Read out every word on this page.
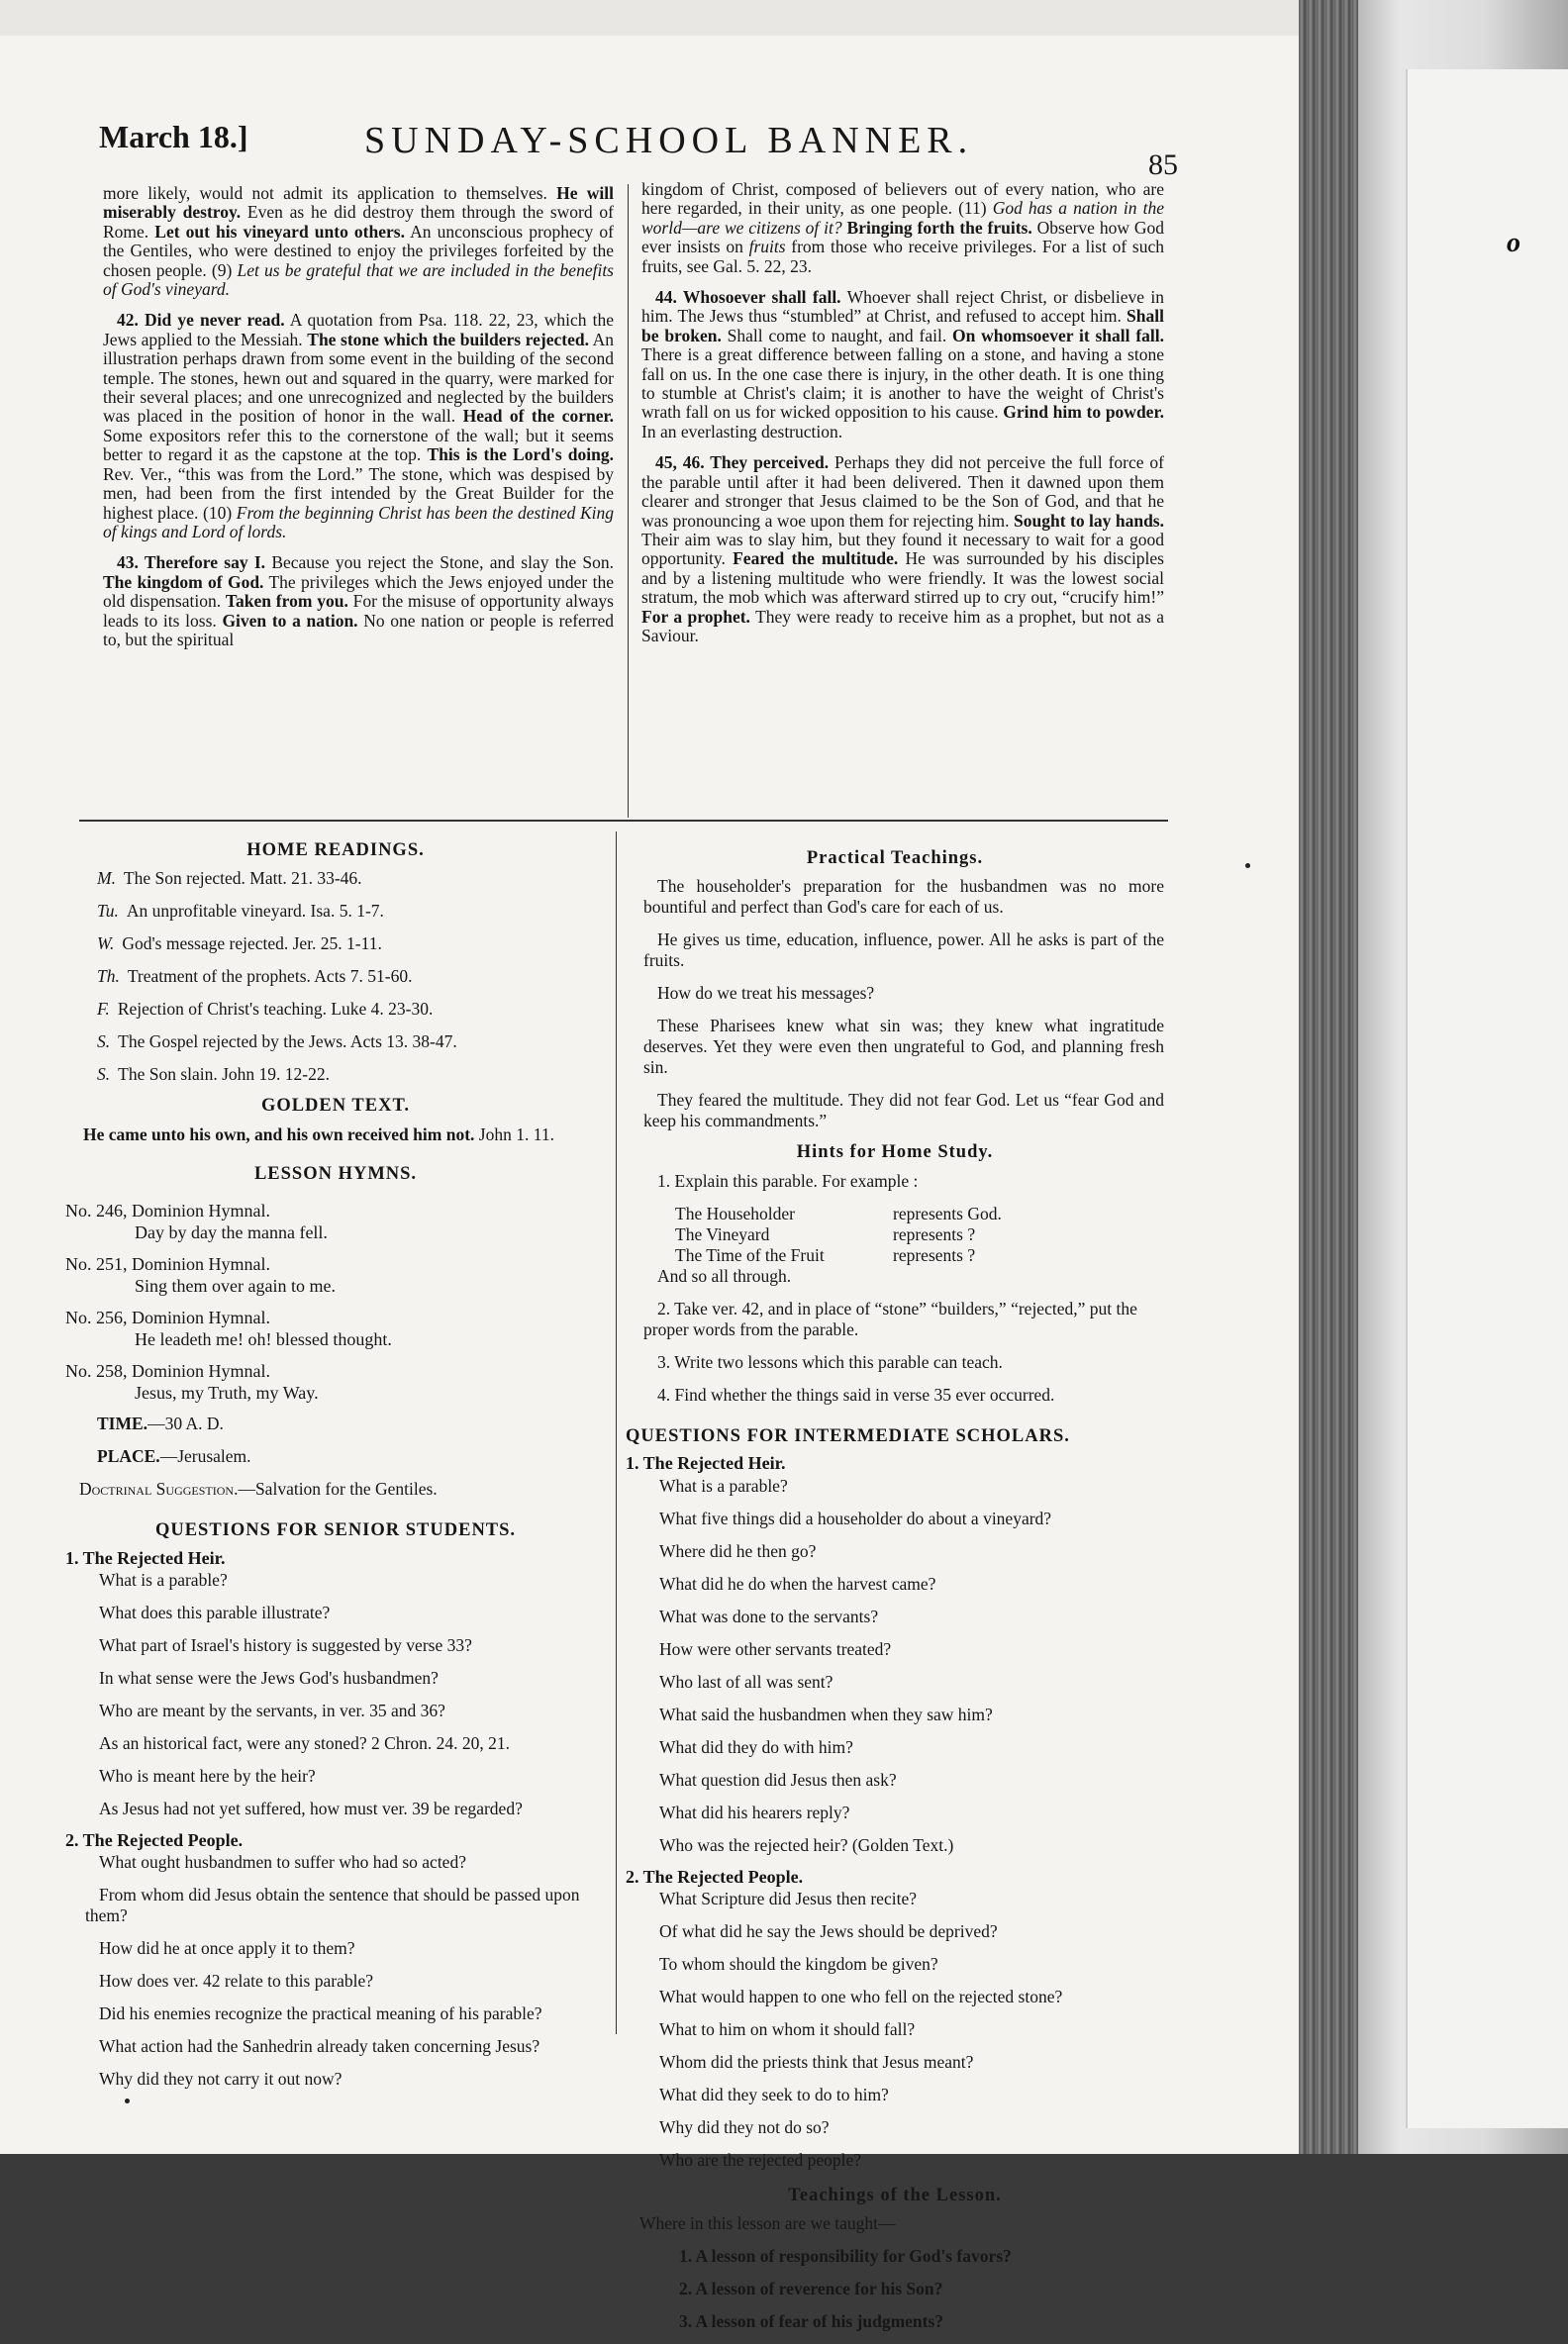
o
March 18.]	SUNDAY-SCHOOL BANNER.
85

more likely, would not admit its application to themselves. He will miserably destroy. Even as he did destroy them through the sword of Rome. Let out his vineyard unto others. An unconscious prophecy of the Gentiles, who were destined to enjoy the privileges forfeited by the chosen people. (9) Let us be grateful that we are included in the benefits of God's vineyard.

42. Did ye never read. A quotation from Psa. 118. 22, 23, which the Jews applied to the Messiah. The stone which the builders rejected. An illustration perhaps drawn from some event in the building of the second temple. The stones, hewn out and squared in the quarry, were marked for their several places; and one unrecognized and neglected by the builders was placed in the position of honor in the wall. Head of the corner. Some expositors refer this to the cornerstone of the wall; but it seems better to regard it as the capstone at the top. This is the Lord's doing. Rev. Ver., “this was from the Lord.” The stone, which was despised by men, had been from the first intended by the Great Builder for the highest place. (10) From the beginning Christ has been the destined King of kings and Lord of lords.

43. Therefore say I. Because you reject the Stone, and slay the Son. The kingdom of God. The privileges which the Jews enjoyed under the old dispensation. Taken from you. For the misuse of opportunity always leads to its loss. Given to a nation. No one nation or people is referred to, but the spiritual

kingdom of Christ, composed of believers out of every nation, who are here regarded, in their unity, as one people. (11) God has a nation in the world—are we citizens of it? Bringing forth the fruits. Observe how God ever insists on fruits from those who receive privileges. For a list of such fruits, see Gal. 5. 22, 23.

44. Whosoever shall fall. Whoever shall reject Christ, or disbelieve in him. The Jews thus “stumbled” at Christ, and refused to accept him. Shall be broken. Shall come to naught, and fail. On whomsoever it shall fall. There is a great difference between falling on a stone, and having a stone fall on us. In the one case there is injury, in the other death. It is one thing to stumble at Christ's claim; it is another to have the weight of Christ's wrath fall on us for wicked opposition to his cause. Grind him to powder. In an everlasting destruction.

45, 46. They perceived. Perhaps they did not perceive the full force of the parable until after it had been delivered. Then it dawned upon them clearer and stronger that Jesus claimed to be the Son of God, and that he was pronouncing a woe upon them for rejecting him. Sought to lay hands. Their aim was to slay him, but they found it necessary to wait for a good opportunity. Feared the multitude. He was surrounded by his disciples and by a listening multitude who were friendly. It was the lowest social stratum, the mob which was afterward stirred up to cry out, “crucify him!” For a prophet. They were ready to receive him as a prophet, but not as a Saviour.

HOME READINGS.

M. The Son rejected. Matt. 21. 33-46.

Tu. An unprofitable vineyard. Isa. 5. 1-7.

W. God's message rejected. Jer. 25. 1-11.

Th. Treatment of the prophets. Acts 7. 51-60.

F. Rejection of Christ's teaching. Luke 4. 23-30.

S. The Gospel rejected by the Jews. Acts 13. 38-47.

S. The Son slain. John 19. 12-22.

GOLDEN TEXT.

He came unto his own, and his own received him not. John 1. 11.

LESSON HYMNS.
No. 246, Dominion Hymnal.
Day by day the manna fell.
No. 251, Dominion Hymnal.
Sing them over again to me.
No. 256, Dominion Hymnal.
He leadeth me! oh! blessed thought.
No. 258, Dominion Hymnal.
Jesus, my Truth, my Way.

TIME.—30 A. D.

PLACE.—Jerusalem.

Doctrinal Suggestion.—Salvation for the Gentiles.

QUESTIONS FOR SENIOR STUDENTS.
1. The Rejected Heir.

What is a parable?

What does this parable illustrate?

What part of Israel's history is suggested by verse 33?

In what sense were the Jews God's husbandmen?

Who are meant by the servants, in ver. 35 and 36?

As an historical fact, were any stoned? 2 Chron. 24. 20, 21.

Who is meant here by the heir?

As Jesus had not yet suffered, how must ver. 39 be regarded?

2. The Rejected People.

What ought husbandmen to suffer who had so acted?

From whom did Jesus obtain the sentence that should be passed upon them?

How did he at once apply it to them?

How does ver. 42 relate to this parable?

Did his enemies recognize the practical meaning of his parable?

What action had the Sanhedrin already taken concerning Jesus?

Why did they not carry it out now?

Practical Teachings.

The householder's preparation for the husbandmen was no more bountiful and perfect than God's care for each of us.

He gives us time, education, influence, power. All he asks is part of the fruits.

How do we treat his messages?

These Pharisees knew what sin was; they knew what ingratitude deserves. Yet they were even then ungrateful to God, and planning fresh sin.

They feared the multitude. They did not fear God. Let us “fear God and keep his commandments.”

Hints for Home Study.

1. Explain this parable. For example :

The Householder	represents God.
The Vineyard	represents ?
The Time of the Fruit	represents ?

And so all through.

2. Take ver. 42, and in place of “stone” “builders,” “rejected,” put the proper words from the parable.

3. Write two lessons which this parable can teach.

4. Find whether the things said in verse 35 ever occurred.

QUESTIONS FOR INTERMEDIATE SCHOLARS.
1. The Rejected Heir.

What is a parable?

What five things did a householder do about a vineyard?

Where did he then go?

What did he do when the harvest came?

What was done to the servants?

How were other servants treated?

Who last of all was sent?

What said the husbandmen when they saw him?

What did they do with him?

What question did Jesus then ask?

What did his hearers reply?

Who was the rejected heir? (Golden Text.)

2. The Rejected People.

What Scripture did Jesus then recite?

Of what did he say the Jews should be deprived?

To whom should the kingdom be given?

What would happen to one who fell on the rejected stone?

What to him on whom it should fall?

Whom did the priests think that Jesus meant?

What did they seek to do to him?

Why did they not do so?

Who are the rejected people?

Teachings of the Lesson.

Where in this lesson are we taught—

1. A lesson of responsibility for God's favors?

2. A lesson of reverence for his Son?

3. A lesson of fear of his judgments?
